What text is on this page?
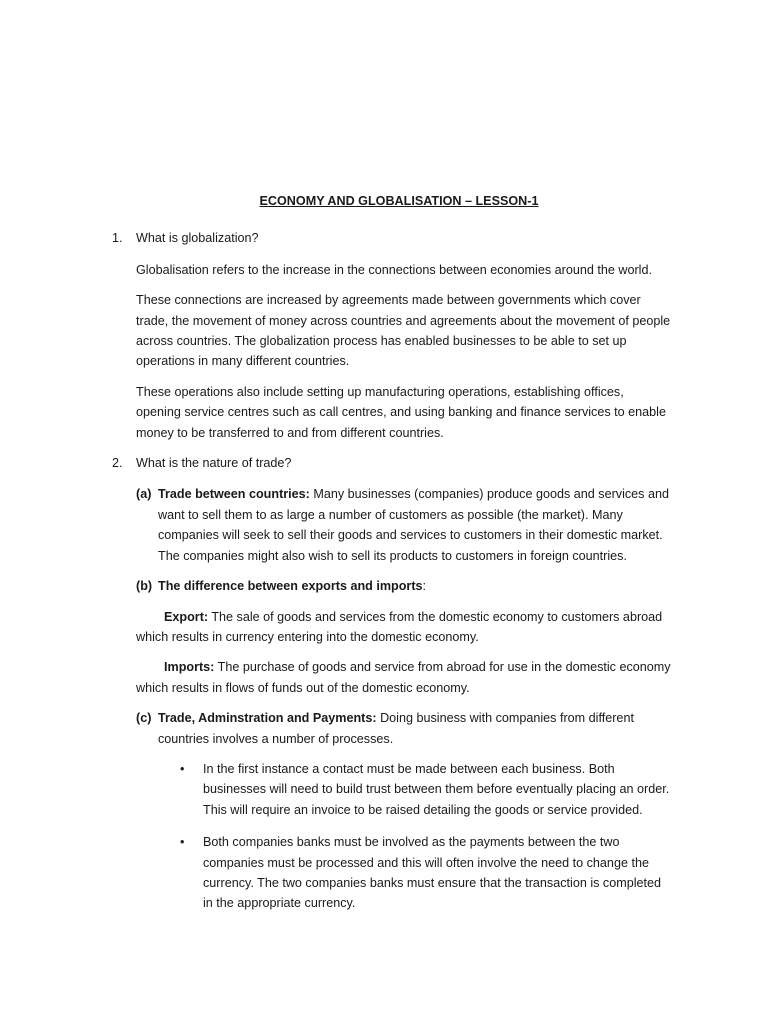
ECONOMY AND GLOBALISATION – LESSON-1
1. What is globalization?

Globalisation refers to the increase in the connections between economies around the world.

These connections are increased by agreements made between governments which cover trade, the movement of money across countries and agreements about the movement of people across countries. The globalization process has enabled businesses to be able to set up operations in many different countries.

These operations also include setting up manufacturing operations, establishing offices, opening service centres such as call centres, and using banking and finance services to enable money to be transferred to and from different countries.

2. What is the nature of trade?
(a) Trade between countries: Many businesses (companies) produce goods and services and want to sell them to as large a number of customers as possible (the market). Many companies will seek to sell their goods and services to customers in their domestic market. The companies might also wish to sell its products to customers in foreign countries.
(b) The difference between exports and imports:

Export: The sale of goods and services from the domestic economy to customers abroad which results in currency entering into the domestic economy.

Imports: The purchase of goods and service from abroad for use in the domestic economy which results in flows of funds out of the domestic economy.

(c) Trade, Adminstration and Payments: Doing business with companies from different countries involves a number of processes.
• In the first instance a contact must be made between each business. Both businesses will need to build trust between them before eventually placing an order. This will require an invoice to be raised detailing the goods or service provided.
• Both companies banks must be involved as the payments between the two companies must be processed and this will often involve the need to change the currency. The two companies banks must ensure that the transaction is completed in the appropriate currency.
